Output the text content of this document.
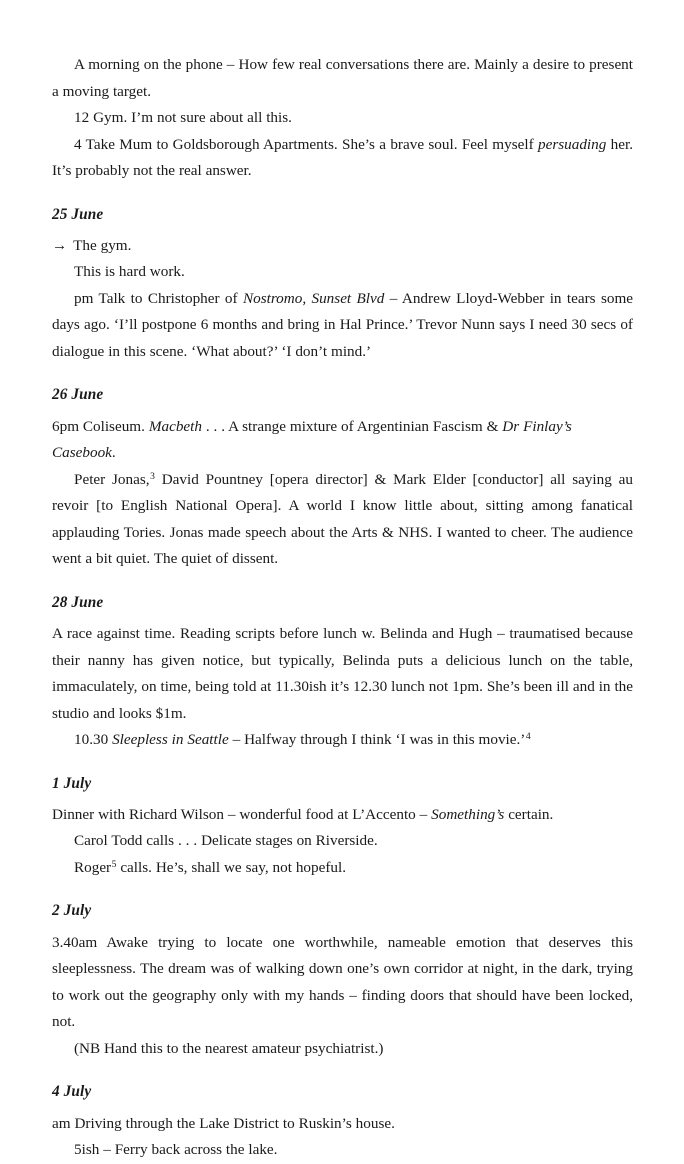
A morning on the phone – How few real conversations there are. Mainly a desire to present a moving target.

12 Gym. I’m not sure about all this.

4 Take Mum to Goldsborough Apartments. She’s a brave soul. Feel myself persuading her. It’s probably not the real answer.

25 June

→ The gym.

This is hard work.

pm Talk to Christopher of Nostromo, Sunset Blvd – Andrew Lloyd-Webber in tears some days ago. ‘I’ll postpone 6 months and bring in Hal Prince.’ Trevor Nunn says I need 30 secs of dialogue in this scene. ‘What about?’ ‘I don’t mind.’

26 June

6pm Coliseum. Macbeth . . . A strange mixture of Argentinian Fascism & Dr Finlay’s Casebook.

Peter Jonas,$^3$ David Pountney [opera director] & Mark Elder [conductor] all saying au revoir [to English National Opera]. A world I know little about, sitting among fanatical applauding Tories. Jonas made speech about the Arts & NHS. I wanted to cheer. The audience went a bit quiet. The quiet of dissent.

28 June

A race against time. Reading scripts before lunch w. Belinda and Hugh – traumatised because their nanny has given notice, but typically, Belinda puts a delicious lunch on the table, immaculately, on time, being told at 11.30ish it’s 12.30 lunch not 1pm. She’s been ill and in the studio and looks $1m.

10.30 Sleepless in Seattle – Halfway through I think ‘I was in this movie.’$^4$

1 July

Dinner with Richard Wilson – wonderful food at L’Accento – Something’s certain.

Carol Todd calls . . . Delicate stages on Riverside.

Roger$^5$ calls. He’s, shall we say, not hopeful.

2 July

3.40am Awake trying to locate one worthwhile, nameable emotion that deserves this sleeplessness. The dream was of walking down one’s own corridor at night, in the dark, trying to work out the geography only with my hands – finding doors that should have been locked, not.

(NB Hand this to the nearest amateur psychiatrist.)

4 July

am Driving through the Lake District to Ruskin’s house.

5ish – Ferry back across the lake.
